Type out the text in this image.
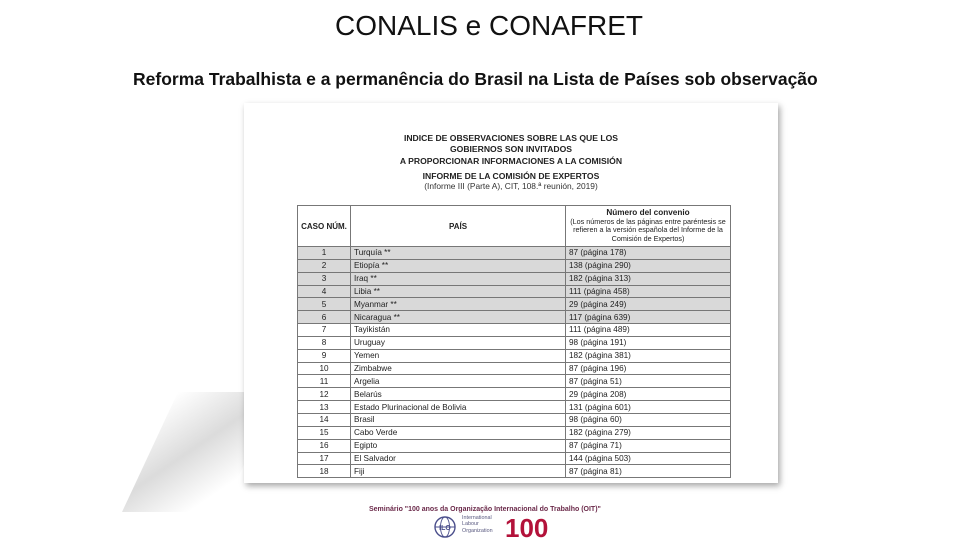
CONALIS e CONAFRET
Reforma Trabalhista e a permanência do Brasil na Lista de Países sob observação
INDICE DE OBSERVACIONES SOBRE LAS QUE LOS
GOBIERNOS SON INVITADOS
A PROPORCIONAR INFORMACIONES A LA COMISIÓN
INFORME DE LA COMISIÓN DE EXPERTOS
(Informe III (Parte A), CIT, 108.ª reunión, 2019)
CASO NÚM.	PAÍS	Número del convenio
(Los números de las páginas entre paréntesis se refieren a la versión española del Informe de la Comisión de Expertos)
1	Turquía **	87 (página 178)
2	Etiopía **	138 (página 290)
3	Iraq **	182 (página 313)
4	Libia **	111 (página 458)
5	Myanmar **	29 (página 249)
6	Nicaragua **	117 (página 639)
7	Tayikistán	111 (página 489)
8	Uruguay	98 (página 191)
9	Yemen	182 (página 381)
10	Zimbabwe	87 (página 196)
11	Argelia	87 (página 51)
12	Belarús	29 (página 208)
13	Estado Plurinacional de Bolivia	131 (página 601)
14	Brasil	98 (página 60)
15	Cabo Verde	182 (página 279)
16	Egipto	87 (página 71)
17	El Salvador	144 (página 503)
18	Fiji	87 (página 81)
Seminário "100 anos da Organização Internacional do Trabalho (OIT)"
ILO
International
Labour
Organization 100
